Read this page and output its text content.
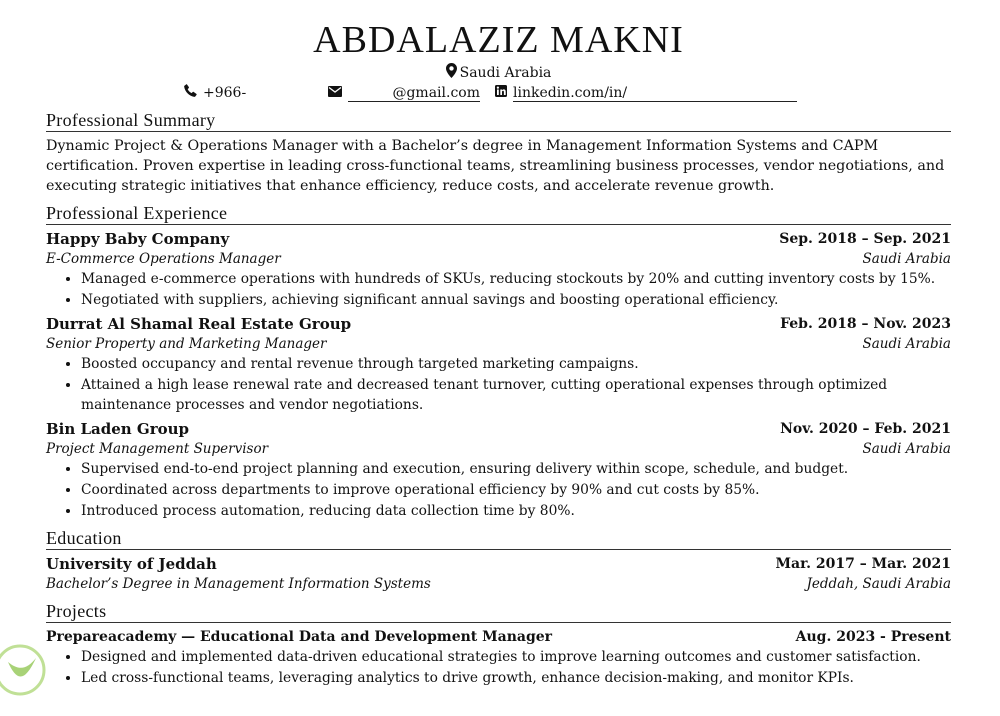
ABDALAZIZ MAKNI
Saudi Arabia
+966-	@gmail.com linkedin.com/in/
Professional Summary
Dynamic Project & Operations Manager with a Bachelor’s degree in Management Information Systems and CAPM certification. Proven expertise in leading cross-functional teams, streamlining business processes, vendor negotiations, and executing strategic initiatives that enhance efficiency, reduce costs, and accelerate revenue growth.
Professional Experience
Happy Baby Company	Sep. 2018 – Sep. 2021
E-Commerce Operations Manager	Saudi Arabia
• Managed e-commerce operations with hundreds of SKUs, reducing stockouts by 20% and cutting inventory costs by 15%.
• Negotiated with suppliers, achieving significant annual savings and boosting operational efficiency.
Durrat Al Shamal Real Estate Group	Feb. 2018 – Nov. 2023
Senior Property and Marketing Manager	Saudi Arabia
• Boosted occupancy and rental revenue through targeted marketing campaigns.
• Attained a high lease renewal rate and decreased tenant turnover, cutting operational expenses through optimized maintenance processes and vendor negotiations.
Bin Laden Group	Nov. 2020 – Feb. 2021
Project Management Supervisor	Saudi Arabia
• Supervised end-to-end project planning and execution, ensuring delivery within scope, schedule, and budget.
• Coordinated across departments to improve operational efficiency by 90% and cut costs by 85%.
• Introduced process automation, reducing data collection time by 80%.
Education
University of Jeddah	Mar. 2017 – Mar. 2021
Bachelor’s Degree in Management Information Systems	Jeddah, Saudi Arabia
Projects
Prepareacademy — Educational Data and Development Manager	Aug. 2023 - Present
• Designed and implemented data-driven educational strategies to improve learning outcomes and customer satisfaction.
• Led cross-functional teams, leveraging analytics to drive growth, enhance decision-making, and monitor KPIs.
